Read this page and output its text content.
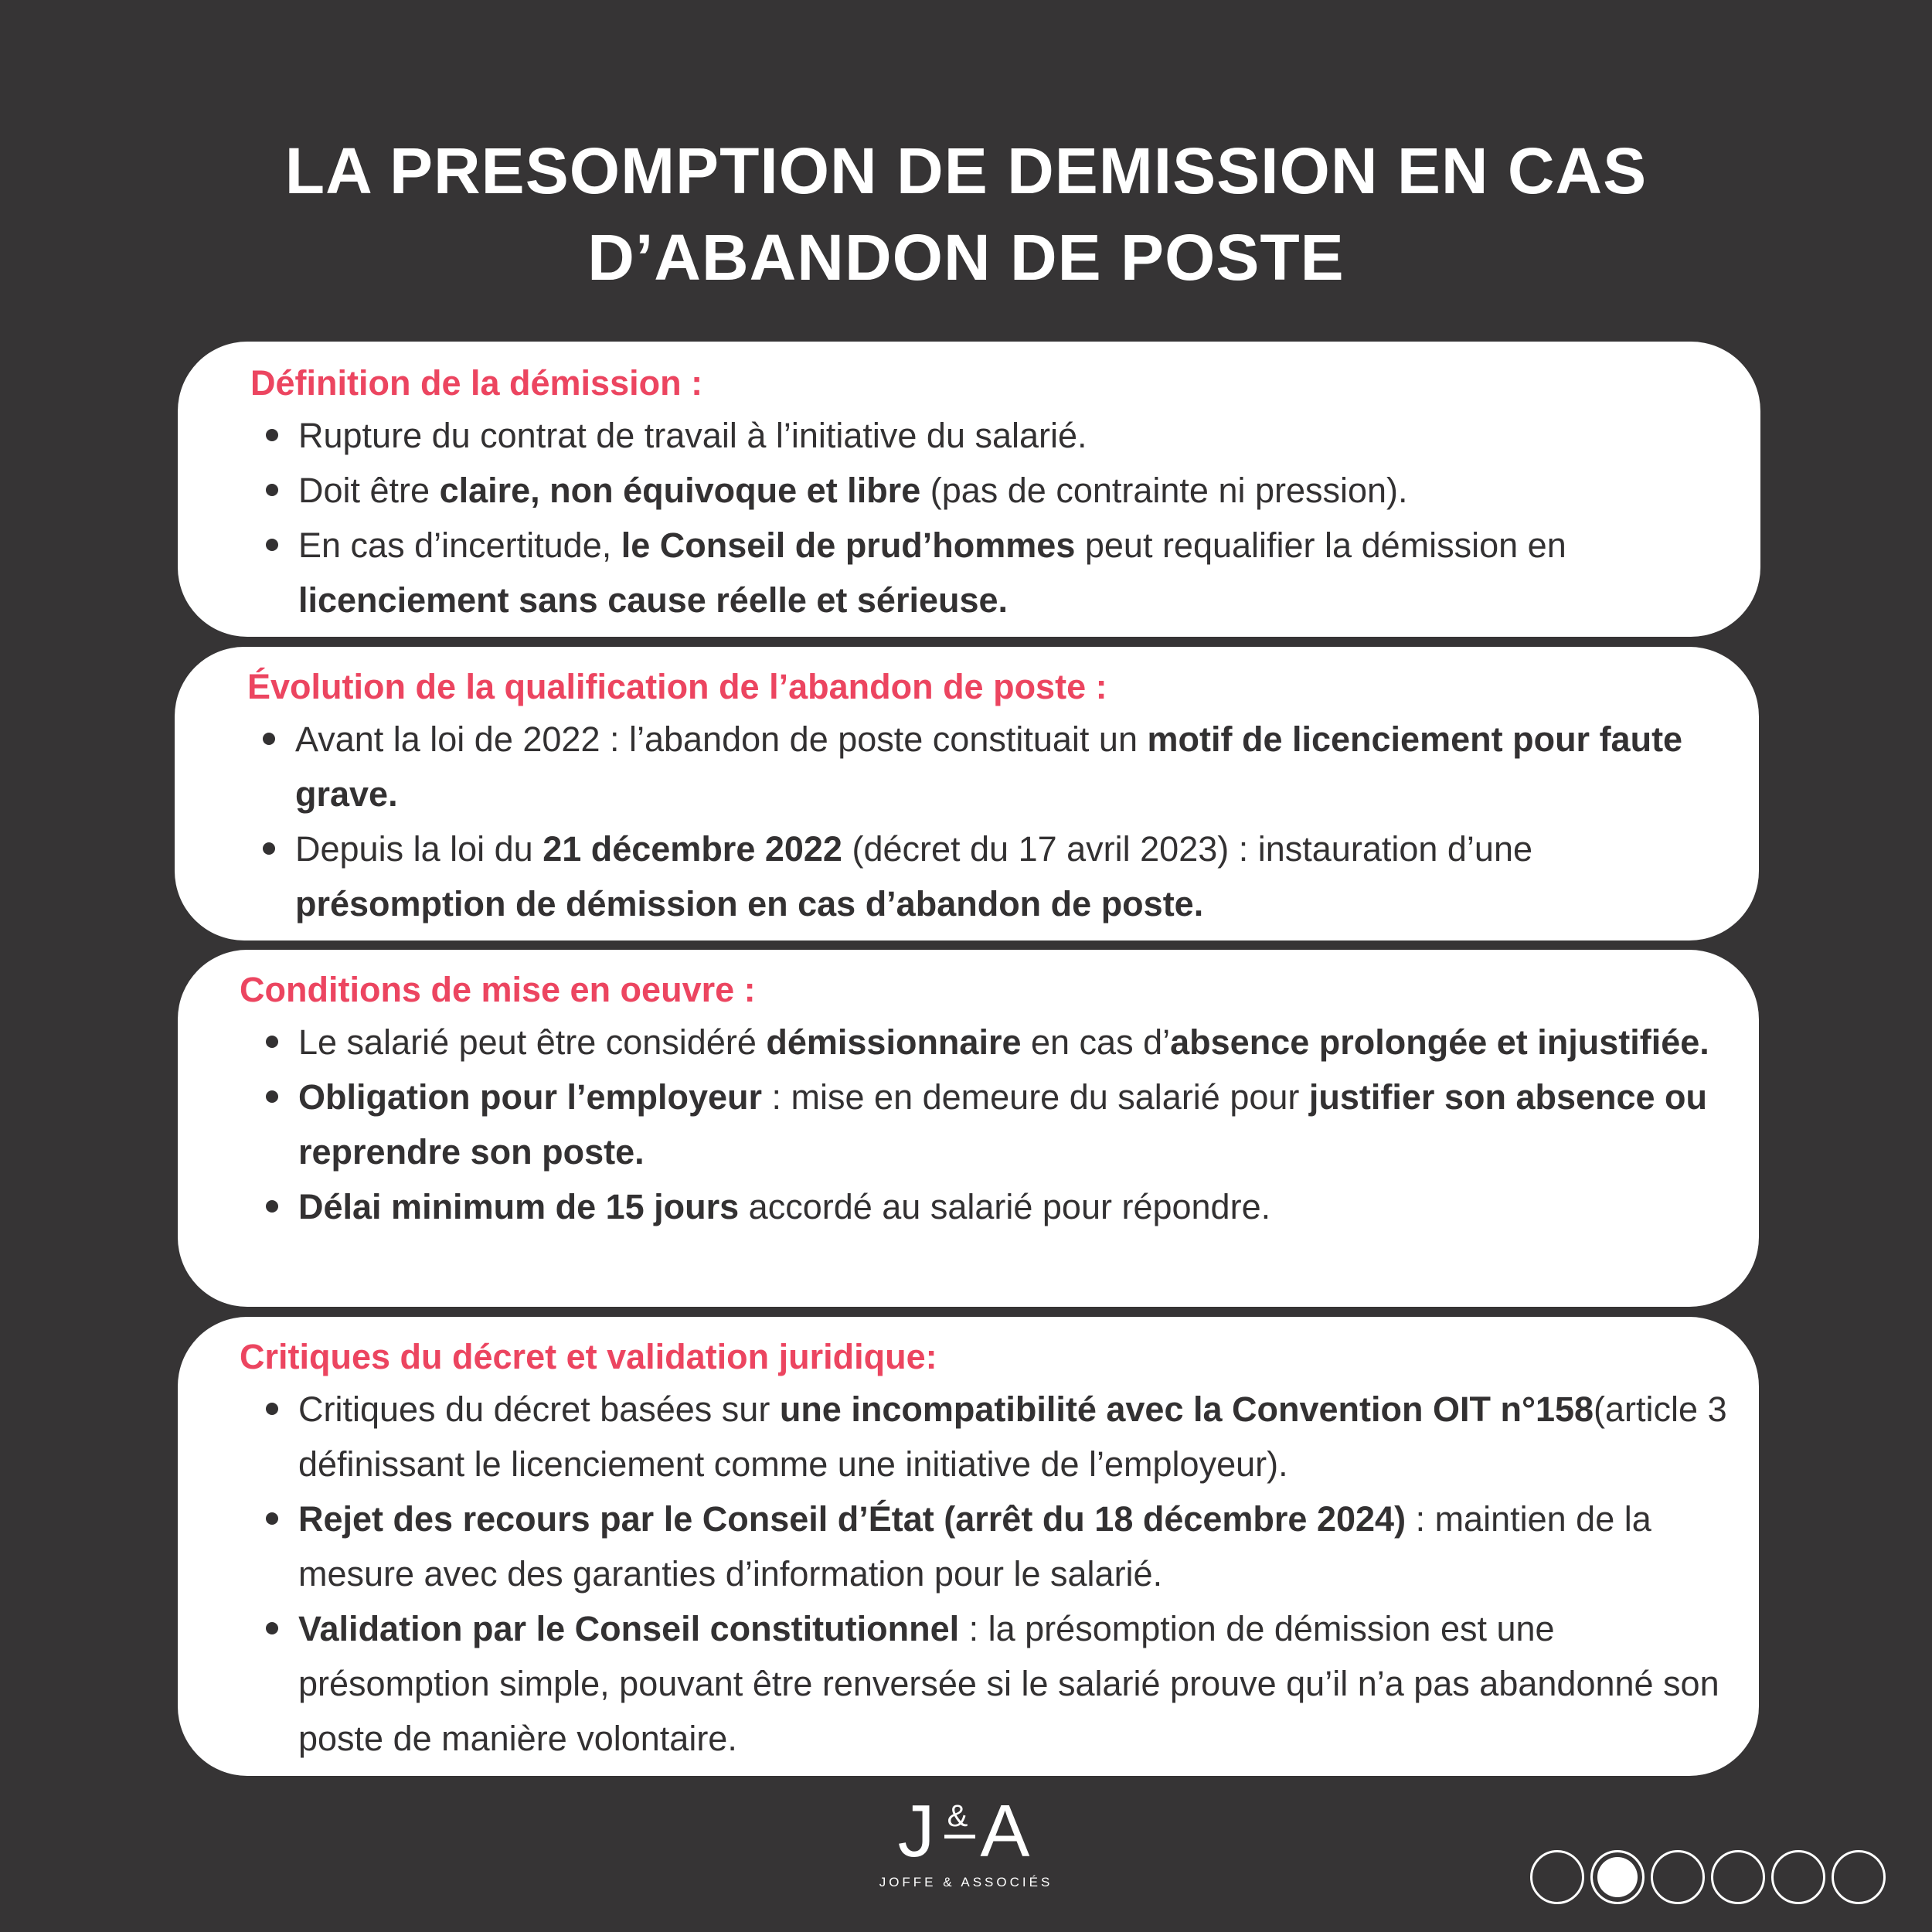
LA PRESOMPTION DE DEMISSION EN CAS
D’ABANDON DE POSTE
Définition de la démission :
Rupture du contrat de travail à l’initiative du salarié.
Doit être claire, non équivoque et libre (pas de contrainte ni pression).
En cas d’incertitude, le Conseil de prud’hommes peut requalifier la démission en licenciement sans cause réelle et sérieuse.
Évolution de la qualification de l’abandon de poste :
Avant la loi de 2022 : l’abandon de poste constituait un motif de licenciement pour faute grave.
Depuis la loi du 21 décembre 2022 (décret du 17 avril 2023) : instauration d’une présomption de démission en cas d’abandon de poste.
Conditions de mise en oeuvre :
Le salarié peut être considéré démissionnaire en cas d’absence prolongée et injustifiée.
Obligation pour l’employeur : mise en demeure du salarié pour justifier son absence ou reprendre son poste.
Délai minimum de 15 jours accordé au salarié pour répondre.
Critiques du décret et validation juridique:
Critiques du décret basées sur une incompatibilité avec la Convention OIT n°158(article 3 définissant le licenciement comme une initiative de l’employeur).
Rejet des recours par le Conseil d’État (arrêt du 18 décembre 2024) : maintien de la mesure avec des garanties d’information pour le salarié.
Validation par le Conseil constitutionnel : la présomption de démission est une présomption simple, pouvant être renversée si le salarié prouve qu’il n’a pas abandonné son poste de manière volontaire.
J & A
JOFFE & ASSOCIÉS
